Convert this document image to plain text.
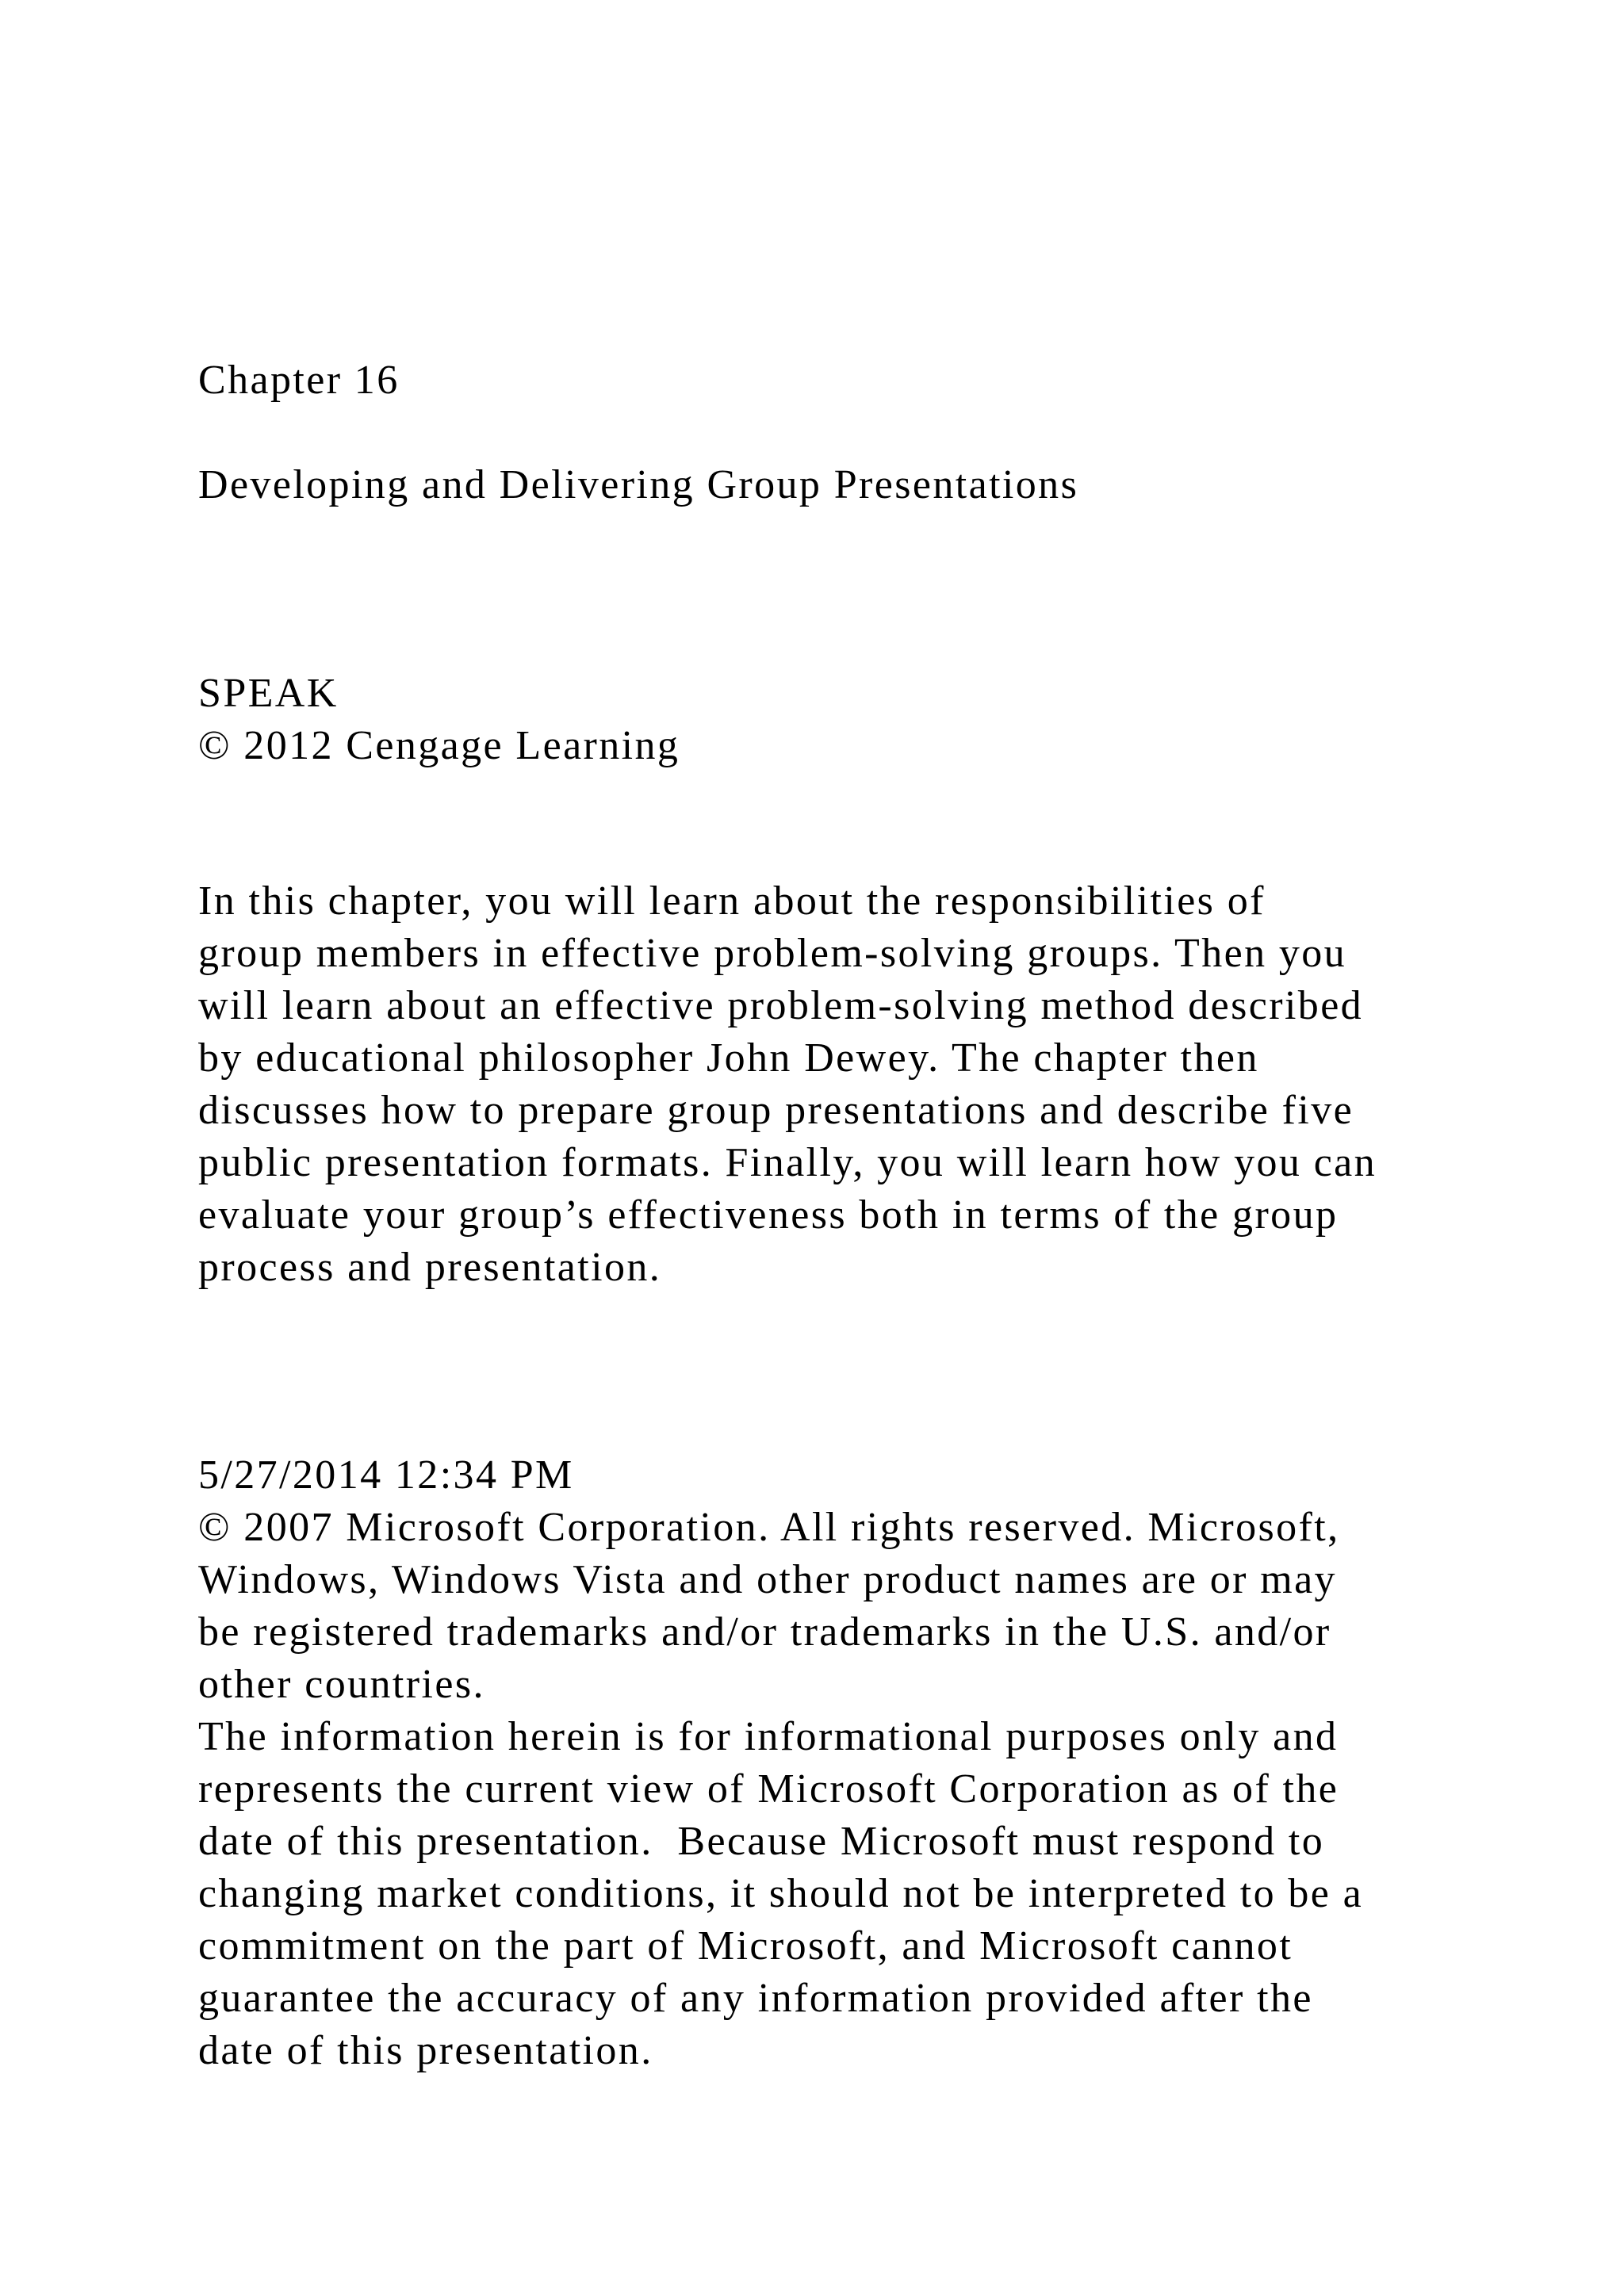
Chapter 16
Developing and Delivering Group Presentations
SPEAK
© 2012 Cengage Learning
In this chapter, you will learn about the responsibilities of
group members in effective problem-solving groups. Then you
will learn about an effective problem-solving method described
by educational philosopher John Dewey. The chapter then
discusses how to prepare group presentations and describe five
public presentation formats. Finally, you will learn how you can
evaluate your group’s effectiveness both in terms of the group
process and presentation.
5/27/2014 12:34 PM
© 2007 Microsoft Corporation. All rights reserved. Microsoft,
Windows, Windows Vista and other product names are or may
be registered trademarks and/or trademarks in the U.S. and/or
other countries.
The information herein is for informational purposes only and
represents the current view of Microsoft Corporation as of the
date of this presentation.  Because Microsoft must respond to
changing market conditions, it should not be interpreted to be a
commitment on the part of Microsoft, and Microsoft cannot
guarantee the accuracy of any information provided after the
date of this presentation.
